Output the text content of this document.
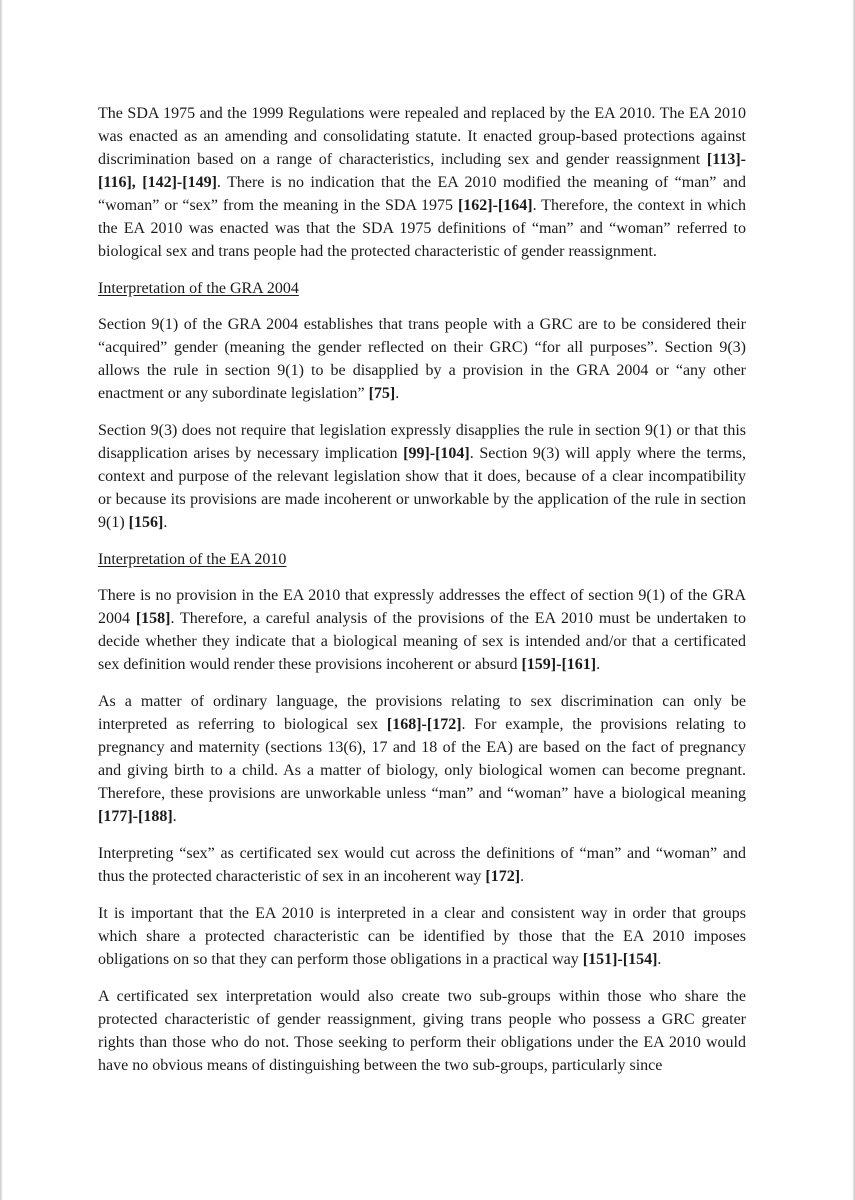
The SDA 1975 and the 1999 Regulations were repealed and replaced by the EA 2010. The EA 2010 was enacted as an amending and consolidating statute. It enacted group-based protections against discrimination based on a range of characteristics, including sex and gender reassignment [113]-[116], [142]-[149]. There is no indication that the EA 2010 modified the meaning of “man” and “woman” or “sex” from the meaning in the SDA 1975 [162]-[164]. Therefore, the context in which the EA 2010 was enacted was that the SDA 1975 definitions of “man” and “woman” referred to biological sex and trans people had the protected characteristic of gender reassignment.

Interpretation of the GRA 2004

Section 9(1) of the GRA 2004 establishes that trans people with a GRC are to be considered their “acquired” gender (meaning the gender reflected on their GRC) “for all purposes”. Section 9(3) allows the rule in section 9(1) to be disapplied by a provision in the GRA 2004 or “any other enactment or any subordinate legislation” [75].

Section 9(3) does not require that legislation expressly disapplies the rule in section 9(1) or that this disapplication arises by necessary implication [99]-[104]. Section 9(3) will apply where the terms, context and purpose of the relevant legislation show that it does, because of a clear incompatibility or because its provisions are made incoherent or unworkable by the application of the rule in section 9(1) [156].

Interpretation of the EA 2010

There is no provision in the EA 2010 that expressly addresses the effect of section 9(1) of the GRA 2004 [158]. Therefore, a careful analysis of the provisions of the EA 2010 must be undertaken to decide whether they indicate that a biological meaning of sex is intended and/or that a certificated sex definition would render these provisions incoherent or absurd [159]-[161].

As a matter of ordinary language, the provisions relating to sex discrimination can only be interpreted as referring to biological sex [168]-[172]. For example, the provisions relating to pregnancy and maternity (sections 13(6), 17 and 18 of the EA) are based on the fact of pregnancy and giving birth to a child. As a matter of biology, only biological women can become pregnant. Therefore, these provisions are unworkable unless “man” and “woman” have a biological meaning [177]-[188].

Interpreting “sex” as certificated sex would cut across the definitions of “man” and “woman” and thus the protected characteristic of sex in an incoherent way [172].

It is important that the EA 2010 is interpreted in a clear and consistent way in order that groups which share a protected characteristic can be identified by those that the EA 2010 imposes obligations on so that they can perform those obligations in a practical way [151]-[154].

A certificated sex interpretation would also create two sub-groups within those who share the protected characteristic of gender reassignment, giving trans people who possess a GRC greater rights than those who do not. Those seeking to perform their obligations under the EA 2010 would have no obvious means of distinguishing between the two sub-groups, particularly since
